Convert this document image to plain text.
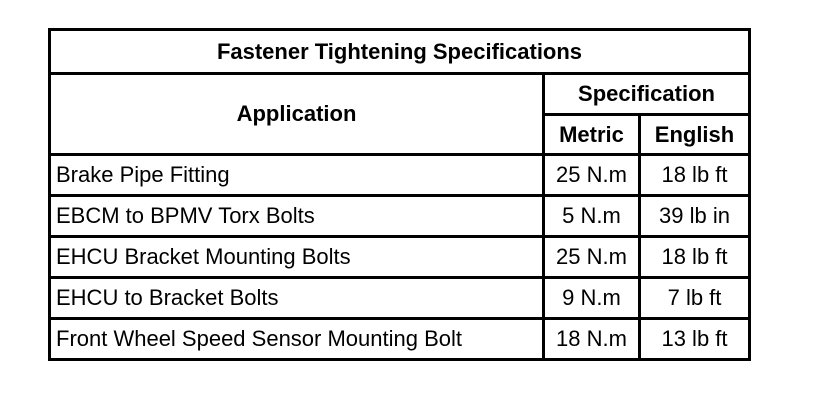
Fastener Tightening Specifications		
Application	Specification	
	Metric	English
Brake Pipe Fitting	25 N.m	18 lb ft
EBCM to BPMV Torx Bolts	5 N.m	39 lb in
EHCU Bracket Mounting Bolts	25 N.m	18 lb ft
EHCU to Bracket Bolts	9 N.m	7 lb ft
Front Wheel Speed Sensor Mounting Bolt	18 N.m	13 lb ft
